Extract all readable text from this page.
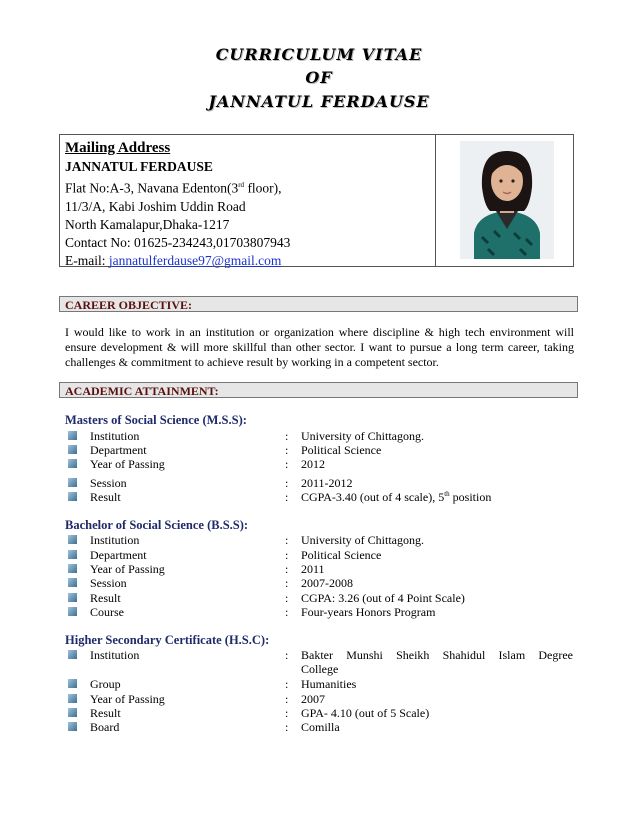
CURRICULUM VITAE
OF
JANNATUL FERDAUSE
Mailing Address
JANNATUL FERDAUSE
Flat No:A-3, Navana Edenton(3rd floor),
11/3/A, Kabi Joshim Uddin Road
North Kamalapur,Dhaka-1217
Contact No: 01625-234243,01703807943
E-mail: jannatulferdause97@gmail.com
CAREER OBJECTIVE:
I would like to work in an institution or organization where discipline & high tech environment will ensure development & will more skillful than other sector. I want to pursue a long term career, taking challenges & commitment to achieve result by working in a competent sector.
ACADEMIC ATTAINMENT:
Masters of Social Science (M.S.S):
Institution	: University of Chittagong.
Department	: Political Science
Year of Passing	: 2012
Session	: 2011-2012
Result	: CGPA-3.40 (out of 4 scale), 5th position
Bachelor of Social Science (B.S.S):
Institution	: University of Chittagong.
Department	: Political Science
Year of Passing	: 2011
Session	: 2007-2008
Result	: CGPA: 3.26 (out of 4 Point Scale)
Course	: Four-years Honors Program
Higher Secondary Certificate (H.S.C):
Institution	: Bakter Munshi Sheikh Shahidul Islam Degree
College
Group	: Humanities
Year of Passing	: 2007
Result	: GPA- 4.10 (out of 5 Scale)
Board	: Comilla
